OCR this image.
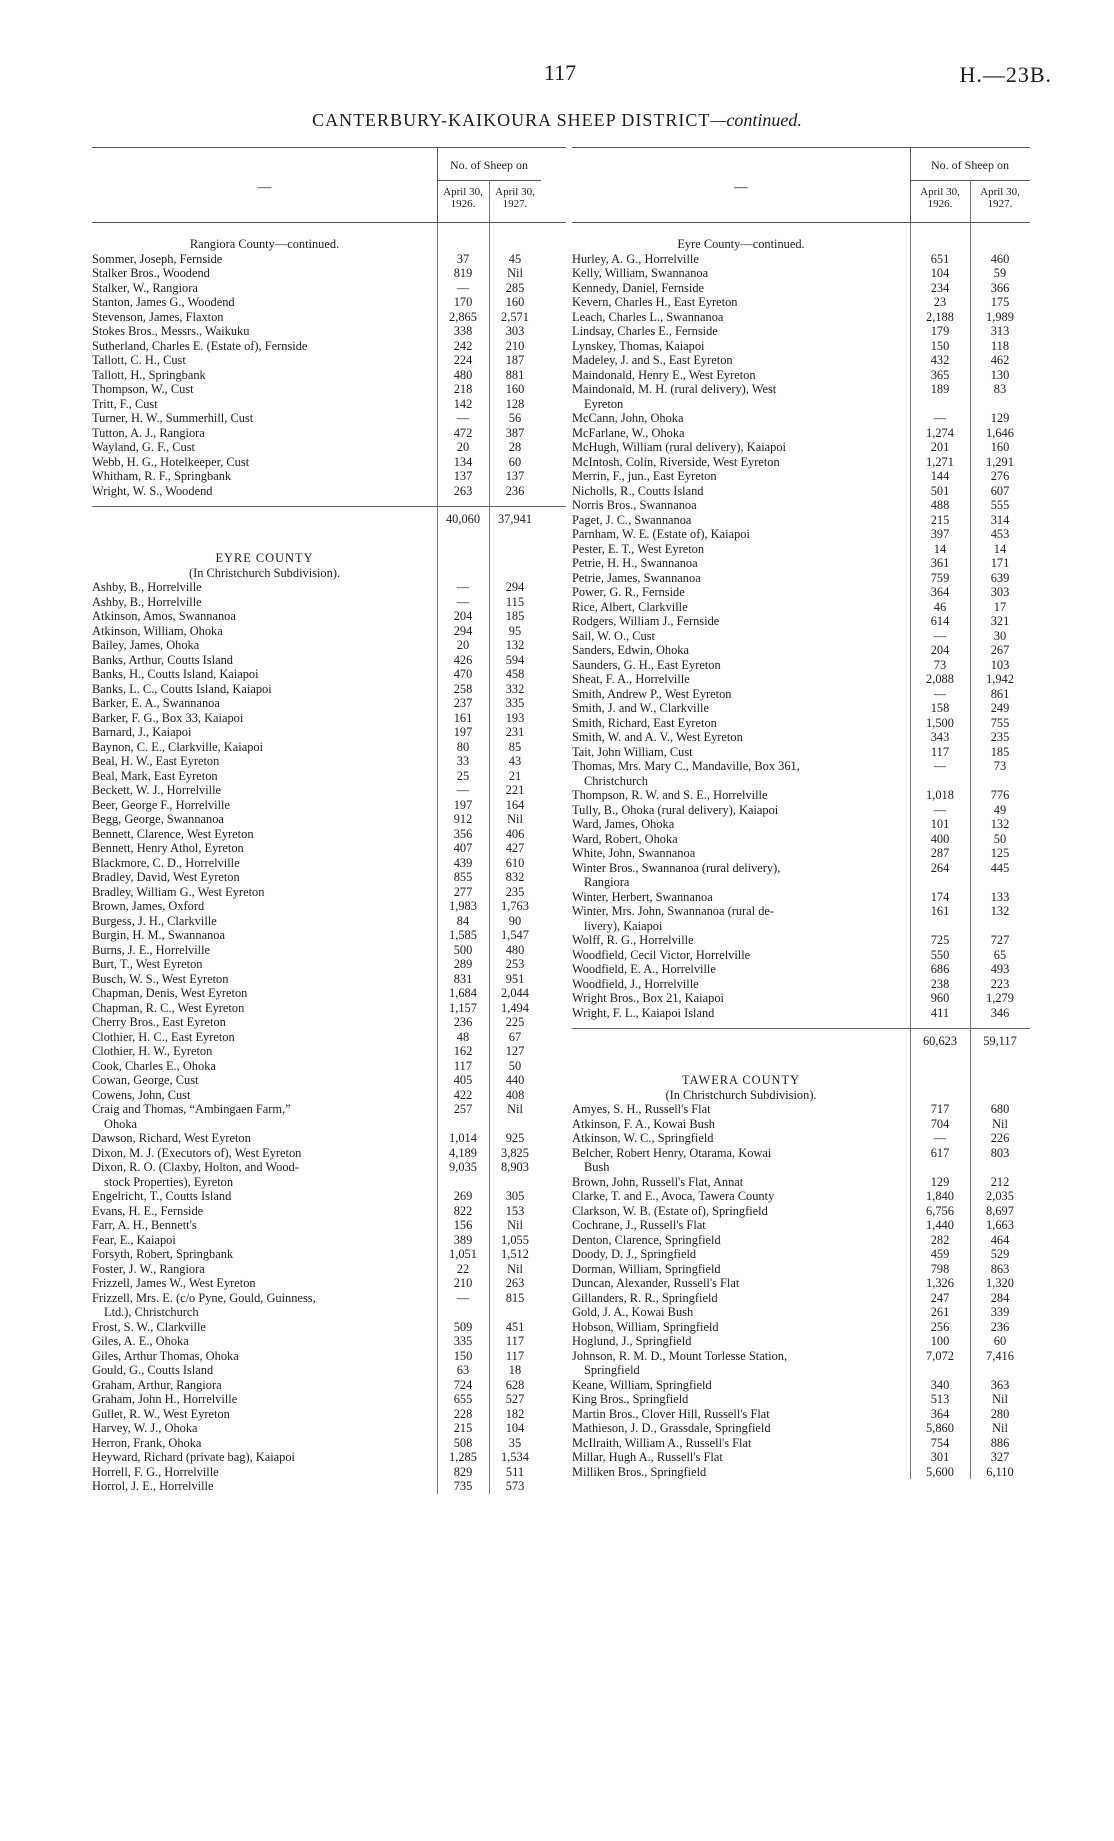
117	H.—23B.
CANTERBURY-KAIKOURA SHEEP DISTRICT—continued.
—
No. of Sheep on
April 30, 1926.
April 30, 1927.
Rangiora County—continued.
Sommer, Joseph, Fernside	37	45
Stalker Bros., Woodend	819	Nil
Stalker, W., Rangiora	—	285
Stanton, James G., Woodend	170	160
Stevenson, James, Flaxton	2,865	2,571
Stokes Bros., Messrs., Waikuku	338	303
Sutherland, Charles E. (Estate of), Fernside	242	210
Tallott, C. H., Cust	224	187
Tallott, H., Springbank	480	881
Thompson, W., Cust	218	160
Tritt, F., Cust	142	128
Turner, H. W., Summerhill, Cust	—	56
Tutton, A. J., Rangiora	472	387
Wayland, G. F., Cust	20	28
Webb, H. G., Hotelkeeper, Cust	134	60
Whitham, R. F., Springbank	137	137
Wright, W. S., Woodend	263	236
40,060	37,941
EYRE COUNTY
(In Christchurch Subdivision).
Ashby, B., Horrelville	—	294
Ashby, B., Horrelville	—	115
Atkinson, Amos, Swannanoa	204	185
Atkinson, William, Ohoka	294	95
Bailey, James, Ohoka	20	132
Banks, Arthur, Coutts Island	426	594
Banks, H., Coutts Island, Kaiapoi	470	458
Banks, L. C., Coutts Island, Kaiapoi	258	332
Barker, E. A., Swannanoa	237	335
Barker, F. G., Box 33, Kaiapoi	161	193
Barnard, J., Kaiapoi	197	231
Baynon, C. E., Clarkville, Kaiapoi	80	85
Beal, H. W., East Eyreton	33	43
Beal, Mark, East Eyreton	25	21
Beckett, W. J., Horrelville	—	221
Beer, George F., Horrelville	197	164
Begg, George, Swannanoa	912	Nil
Bennett, Clarence, West Eyreton	356	406
Bennett, Henry Athol, Eyreton	407	427
Blackmore, C. D., Horrelville	439	610
Bradley, David, West Eyreton	855	832
Bradley, William G., West Eyreton	277	235
Brown, James, Oxford	1,983	1,763
Burgess, J. H., Clarkville	84	90
Burgin, H. M., Swannanoa	1,585	1,547
Burns, J. E., Horrelville	500	480
Burt, T., West Eyreton	289	253
Busch, W. S., West Eyreton	831	951
Chapman, Denis, West Eyreton	1,684	2,044
Chapman, R. C., West Eyreton	1,157	1,494
Cherry Bros., East Eyreton	236	225
Clothier, H. C., East Eyreton	48	67
Clothier, H. W., Eyreton	162	127
Cook, Charles E., Ohoka	117	50
Cowan, George, Cust	405	440
Cowens, John, Cust	422	408
Craig and Thomas, “Ambingaen Farm,”	257	Nil
Ohoka
Dawson, Richard, West Eyreton	1,014	925
Dixon, M. J. (Executors of), West Eyreton	4,189	3,825
Dixon, R. O. (Claxby, Holton, and Wood-	9,035	8,903
stock Properties), Eyreton
Engelricht, T., Coutts Island	269	305
Evans, H. E., Fernside	822	153
Farr, A. H., Bennett's	156	Nil
Fear, E., Kaiapoi	389	1,055
Forsyth, Robert, Springbank	1,051	1,512
Foster, J. W., Rangiora	22	Nil
Frizzell, James W., West Eyreton	210	263
Frizzell, Mrs. E. (c/o Pyne, Gould, Guinness,	—	815
Ltd.), Christchurch
Frost, S. W., Clarkville	509	451
Giles, A. E., Ohoka	335	117
Giles, Arthur Thomas, Ohoka	150	117
Gould, G., Coutts Island	63	18
Graham, Arthur, Rangiora	724	628
Graham, John H., Horrelville	655	527
Gullet, R. W., West Eyreton	228	182
Harvey, W. J., Ohoka	215	104
Herron, Frank, Ohoka	508	35
Heyward, Richard (private bag), Kaiapoi	1,285	1,534
Horrell, F. G., Horrelville	829	511
Horrol, J. E., Horrelville	735	573
—
No. of Sheep on
April 30, 1926.
April 30, 1927.
Eyre County—continued.
Hurley, A. G., Horrelville	651	460
Kelly, William, Swannanoa	104	59
Kennedy, Daniel, Fernside	234	366
Kevern, Charles H., East Eyreton	23	175
Leach, Charles L., Swannanoa	2,188	1,989
Lindsay, Charles E., Fernside	179	313
Lynskey, Thomas, Kaiapoi	150	118
Madeley, J. and S., East Eyreton	432	462
Maindonald, Henry E., West Eyreton	365	130
Maindonald, M. H. (rural delivery), West	189	83
Eyreton
McCann, John, Ohoka	—	129
McFarlane, W., Ohoka	1,274	1,646
McHugh, William (rural delivery), Kaiapoi	201	160
McIntosh, Colin, Riverside, West Eyreton	1,271	1,291
Merrin, F., jun., East Eyreton	144	276
Nicholls, R., Coutts Island	501	607
Norris Bros., Swannanoa	488	555
Paget, J. C., Swannanoa	215	314
Parnham, W. E. (Estate of), Kaiapoi	397	453
Pester, E. T., West Eyreton	14	14
Petrie, H. H., Swannanoa	361	171
Petrie, James, Swannanoa	759	639
Power, G. R., Fernside	364	303
Rice, Albert, Clarkville	46	17
Rodgers, William J., Fernside	614	321
Sail, W. O., Cust	—	30
Sanders, Edwin, Ohoka	204	267
Saunders, G. H., East Eyreton	73	103
Sheat, F. A., Horrelville	2,088	1,942
Smith, Andrew P., West Eyreton	—	861
Smith, J. and W., Clarkville	158	249
Smith, Richard, East Eyreton	1,500	755
Smith, W. and A. V., West Eyreton	343	235
Tait, John William, Cust	117	185
Thomas, Mrs. Mary C., Mandaville, Box 361,	—	73
Christchurch
Thompson, R. W. and S. E., Horrelville	1,018	776
Tully, B., Ohoka (rural delivery), Kaiapoi	—	49
Ward, James, Ohoka	101	132
Ward, Robert, Ohoka	400	50
White, John, Swannanoa	287	125
Winter Bros., Swannanoa (rural delivery),	264	445
Rangiora
Winter, Herbert, Swannanoa	174	133
Winter, Mrs. John, Swannanoa (rural de-	161	132
livery), Kaiapoi
Wolff, R. G., Horrelville	725	727
Woodfield, Cecil Victor, Horrelville	550	65
Woodfield, E. A., Horrelville	686	493
Woodfield, J., Horrelville	238	223
Wright Bros., Box 21, Kaiapoi	960	1,279
Wright, F. L., Kaiapoi Island	411	346
60,623	59,117
TAWERA COUNTY
(In Christchurch Subdivision).
Amyes, S. H., Russell's Flat	717	680
Atkinson, F. A., Kowai Bush	704	Nil
Atkinson, W. C., Springfield	—	226
Belcher, Robert Henry, Otarama, Kowai	617	803
Bush
Brown, John, Russell's Flat, Annat	129	212
Clarke, T. and E., Avoca, Tawera County	1,840	2,035
Clarkson, W. B. (Estate of), Springfield	6,756	8,697
Cochrane, J., Russell's Flat	1,440	1,663
Denton, Clarence, Springfield	282	464
Doody, D. J., Springfield	459	529
Dorman, William, Springfield	798	863
Duncan, Alexander, Russell's Flat	1,326	1,320
Gillanders, R. R., Springfield	247	284
Gold, J. A., Kowai Bush	261	339
Hobson, William, Springfield	256	236
Hoglund, J., Springfield	100	60
Johnson, R. M. D., Mount Torlesse Station,	7,072	7,416
Springfield
Keane, William, Springfield	340	363
King Bros., Springfield	513	Nil
Martin Bros., Clover Hill, Russell's Flat	364	280
Mathieson, J. D., Grassdale, Springfield	5,860	Nil
McIlraith, William A., Russell's Flat	754	886
Millar, Hugh A., Russell's Flat	301	327
Milliken Bros., Springfield	5,600	6,110
